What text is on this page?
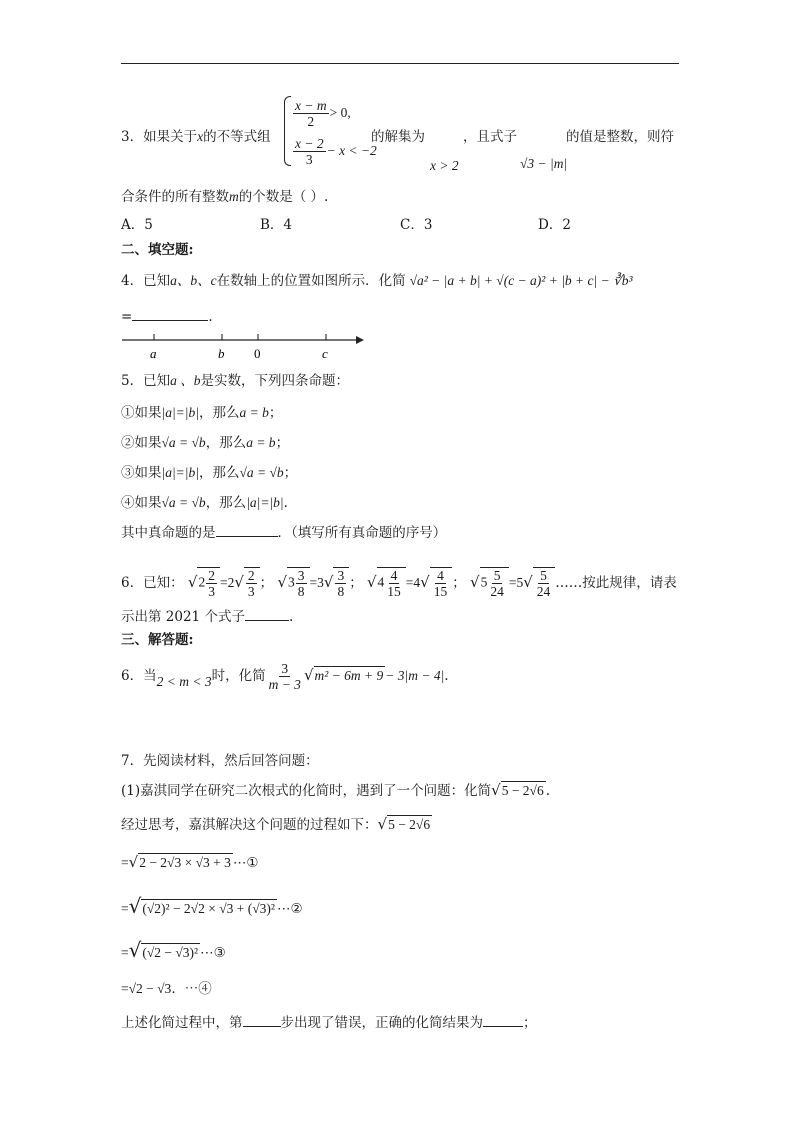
3．如果关于x的不等式组
$\frac{x - m}{2} > 0$,
$\frac{x - 2}{3} - x < -2$
的解集为
x > 2
，且式子
√3 − |m|
的值是整数，则符
合条件的所有整数m的个数是（ ）.
A．5	B．4	C．3	D．2
二、填空题:
4．已知a、b、c在数轴上的位置如图所示．化简 √a² − |a + b| + √(c − a)² + |b + c| − ∛b³
=	.
a	b 0	c
5．已知a 、b是实数，下列四条命题：
①如果|a|=|b|，那么a = b；
②如果√a = √b，那么a = b；
③如果|a|=|b|，那么√a = √b；
④如果√a = √b，那么|a|=|b|.
其中真命题的是	．（填写所有真命题的序号）
6．已知： $√2 \frac{2}{3} =2√ \frac{2}{3}$ ； $√3 \frac{3}{8} =3√ \frac{3}{8}$ ； $√4 \frac{4}{15} =4√ \frac{4}{15}$ ； $√5 \frac{5}{24} =5√ \frac{5}{24}$ ……按此规律，请表
示出第 2021 个式子	.
三、解答题:
6．当2 < m < 3时，化简 $\frac{3}{m - 3} √m^2 - 6m + 9 - 3|m - 4|$.
7．先阅读材料，然后回答问题：
(1)嘉淇同学在研究二次根式的化简时，遇到了一个问题：化简√5 − 2√6 .
经过思考，嘉淇解决这个问题的过程如下：√5 − 2√6
=√2 − 2√3 × √3 + 3 ⋯①
=√(√2)² − 2√2 × √3 + (√3)² ⋯②
=√(√2 − √3)² ⋯③
=√2 − √3．⋯④
上述化简过程中，第	步出现了错误，正确的化简结果为	；
